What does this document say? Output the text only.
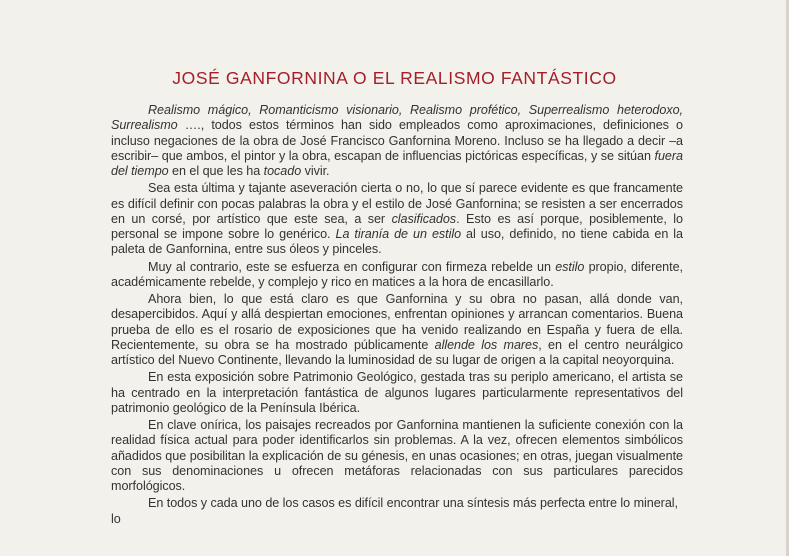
JOSÉ GANFORNINA O EL REALISMO FANTÁSTICO

Realismo mágico, Romanticismo visionario, Realismo profético, Superrealismo heterodoxo, Surrealismo …., todos estos términos han sido empleados como aproximaciones, definiciones o incluso negaciones de la obra de José Francisco Ganfornina Moreno. Incluso se ha llegado a decir –a escribir– que ambos, el pintor y la obra, escapan de influencias pictóricas específicas, y se sitúan fuera del tiempo en el que les ha tocado vivir.

Sea esta última y tajante aseveración cierta o no, lo que sí parece evidente es que francamente es difícil definir con pocas palabras la obra y el estilo de José Ganfornina; se resisten a ser encerrados en un corsé, por artístico que este sea, a ser clasificados. Esto es así porque, posiblemente, lo personal se impone sobre lo genérico. La tiranía de un estilo al uso, definido, no tiene cabida en la paleta de Ganfornina, entre sus óleos y pinceles.

Muy al contrario, este se esfuerza en configurar con firmeza rebelde un estilo propio, diferente, académicamente rebelde, y complejo y rico en matices a la hora de encasillarlo.

Ahora bien, lo que está claro es que Ganfornina y su obra no pasan, allá donde van, desapercibidos. Aquí y allá despiertan emociones, enfrentan opiniones y arrancan comentarios. Buena prueba de ello es el rosario de exposiciones que ha venido realizando en España y fuera de ella. Recientemente, su obra se ha mostrado públicamente allende los mares, en el centro neurálgico artístico del Nuevo Continente, llevando la luminosidad de su lugar de origen a la capital neoyorquina.

En esta exposición sobre Patrimonio Geológico, gestada tras su periplo americano, el artista se ha centrado en la interpretación fantástica de algunos lugares particularmente representativos del patrimonio geológico de la Península Ibérica.

En clave onírica, los paisajes recreados por Ganfornina mantienen la suficiente conexión con la realidad física actual para poder identificarlos sin problemas. A la vez, ofrecen elementos simbólicos añadidos que posibilitan la explicación de su génesis, en unas ocasiones; en otras, juegan visualmente con sus denominaciones u ofrecen metáforas relacionadas con sus particulares parecidos morfológicos.

En todos y cada uno de los casos es difícil encontrar una síntesis más perfecta entre lo mineral, lo
